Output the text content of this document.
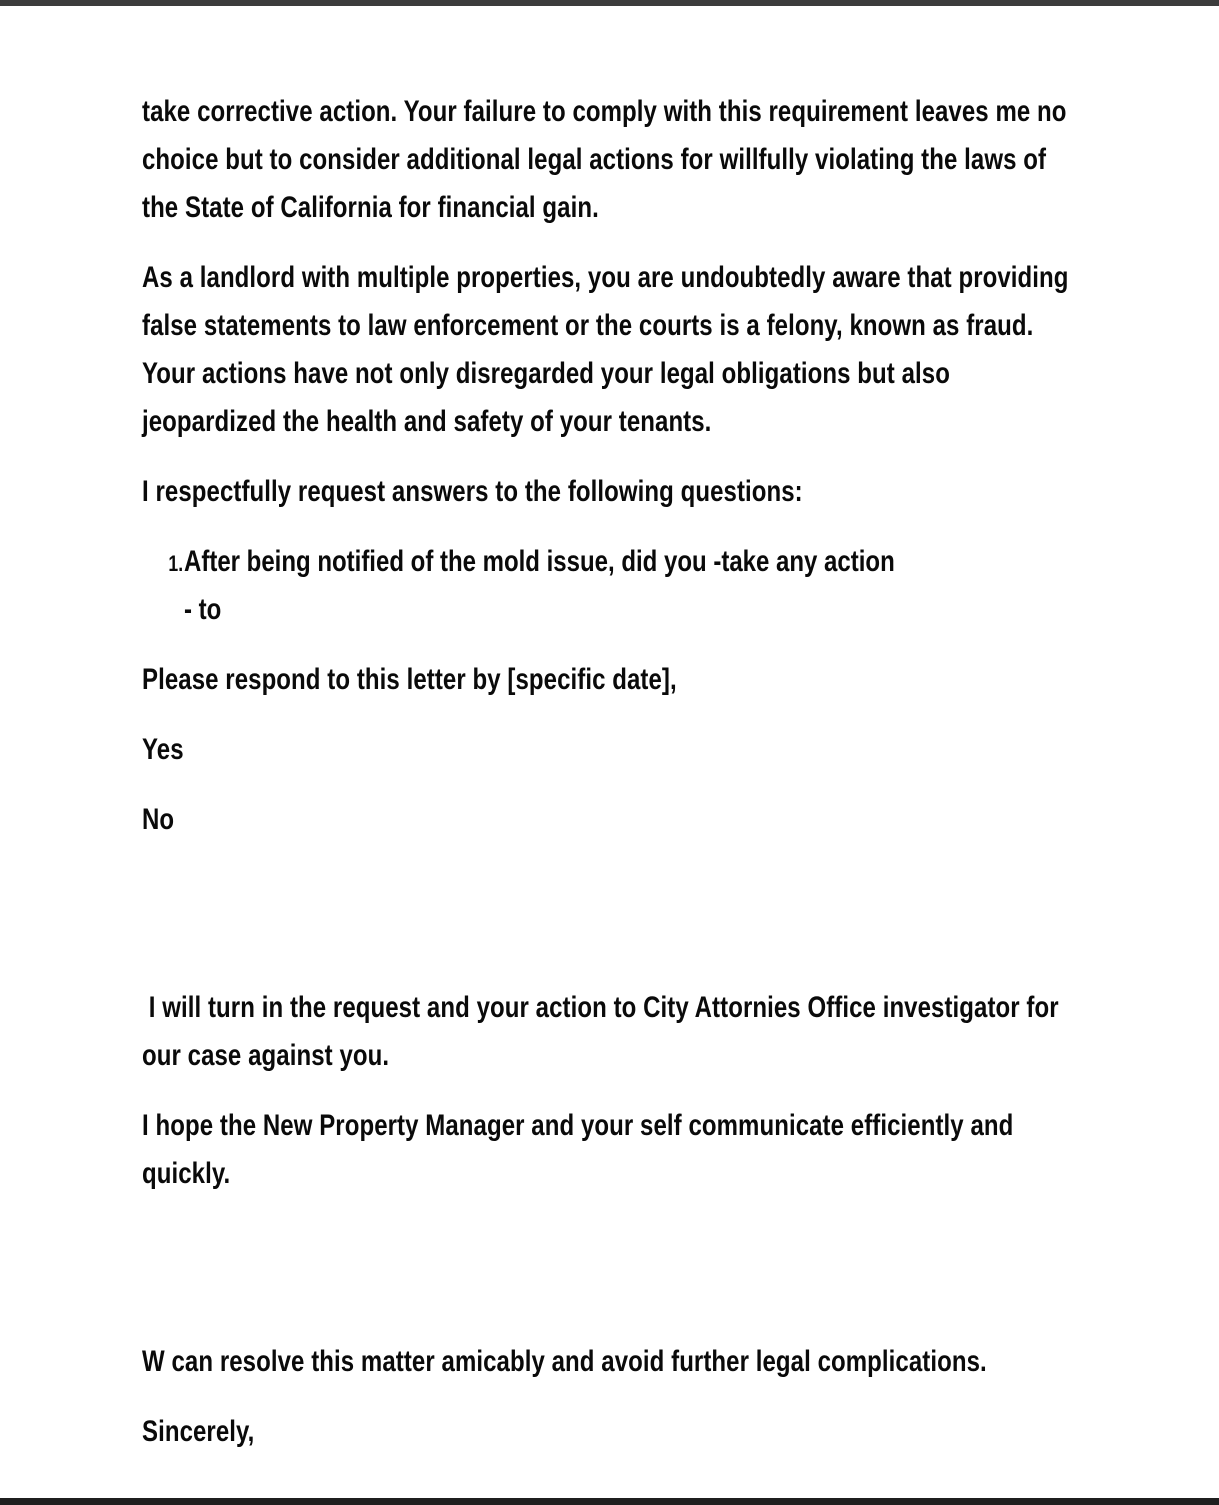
take corrective action. Your failure to comply with this requirement leaves me no choice but to consider additional legal actions for willfully violating the laws of the State of California for financial gain.

As a landlord with multiple properties, you are undoubtedly aware that providing false statements to law enforcement or the courts is a felony, known as fraud. Your actions have not only disregarded your legal obligations but also jeopardized the health and safety of your tenants.

I respectfully request answers to the following questions:

1. After being notified of the mold issue, did you -take any action - to

Please respond to this letter by [specific date],

Yes

No

I will turn in the request and your action to City Attornies Office investigator for our case against you.

I hope the New Property Manager and your self communicate efficiently and quickly.

W can resolve this matter amicably and avoid further legal complications.

Sincerely,
